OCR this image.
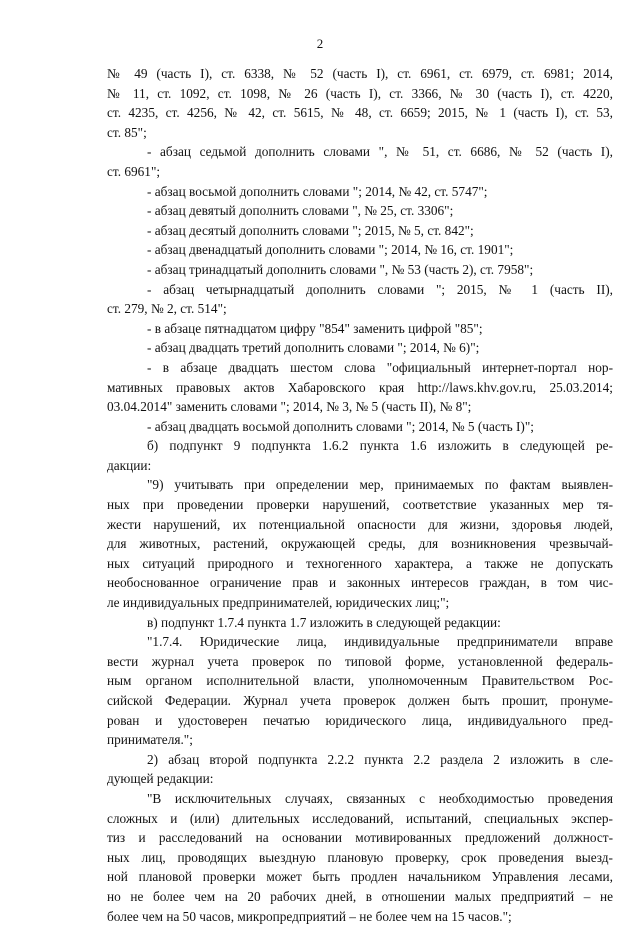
2
№ 49 (часть I), ст. 6338, № 52 (часть I), ст. 6961, ст. 6979, ст. 6981; 2014,
№ 11, ст. 1092, ст. 1098, № 26 (часть I), ст. 3366, № 30 (часть I), ст. 4220,
ст. 4235, ст. 4256, № 42, ст. 5615, № 48, ст. 6659; 2015, № 1 (часть I), ст. 53,
ст. 85";
- абзац седьмой дополнить словами ", № 51, ст. 6686, № 52 (часть I),
ст. 6961";
- абзац восьмой дополнить словами "; 2014, № 42, ст. 5747";
- абзац девятый дополнить словами ", № 25, ст. 3306";
- абзац десятый дополнить словами "; 2015, № 5, ст. 842";
- абзац двенадцатый дополнить словами "; 2014, № 16, ст. 1901";
- абзац тринадцатый дополнить словами ", № 53 (часть 2), ст. 7958";
- абзац четырнадцатый дополнить словами "; 2015, № 1 (часть II),
ст. 279, № 2, ст. 514";
- в абзаце пятнадцатом цифру "854" заменить цифрой "85";
- абзац двадцать третий дополнить словами "; 2014, № 6)";
- в абзаце двадцать шестом слова "официальный интернет-портал нор-
мативных правовых актов Хабаровского края http://laws.khv.gov.ru, 25.03.2014;
03.04.2014" заменить словами "; 2014, № 3, № 5 (часть II), № 8";
- абзац двадцать восьмой дополнить словами "; 2014, № 5 (часть I)";
б) подпункт 9 подпункта 1.6.2 пункта 1.6 изложить в следующей ре-
дакции:
"9) учитывать при определении мер, принимаемых по фактам выявлен-
ных при проведении проверки нарушений, соответствие указанных мер тя-
жести нарушений, их потенциальной опасности для жизни, здоровья людей,
для животных, растений, окружающей среды, для возникновения чрезвычай-
ных ситуаций природного и техногенного характера, а также не допускать
необоснованное ограничение прав и законных интересов граждан, в том чис-
ле индивидуальных предпринимателей, юридических лиц;";
в) подпункт 1.7.4 пункта 1.7 изложить в следующей редакции:
"1.7.4. Юридические лица, индивидуальные предприниматели вправе
вести журнал учета проверок по типовой форме, установленной федераль-
ным органом исполнительной власти, уполномоченным Правительством Рос-
сийской Федерации. Журнал учета проверок должен быть прошит, пронуме-
рован и удостоверен печатью юридического лица, индивидуального пред-
принимателя.";
2) абзац второй подпункта 2.2.2 пункта 2.2 раздела 2 изложить в сле-
дующей редакции:
"В исключительных случаях, связанных с необходимостью проведения
сложных и (или) длительных исследований, испытаний, специальных экспер-
тиз и расследований на основании мотивированных предложений должност-
ных лиц, проводящих выездную плановую проверку, срок проведения выезд-
ной плановой проверки может быть продлен начальником Управления лесами,
но не более чем на 20 рабочих дней, в отношении малых предприятий – не
более чем на 50 часов, микропредприятий – не более чем на 15 часов.";
